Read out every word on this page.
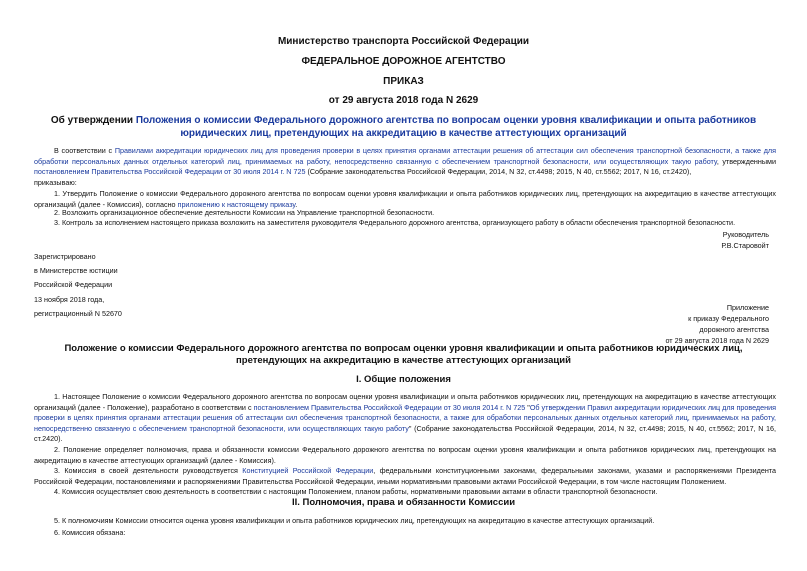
Министерство транспорта Российской Федерации
ФЕДЕРАЛЬНОЕ ДОРОЖНОЕ АГЕНТСТВО
ПРИКАЗ
от 29 августа 2018 года N 2629
Об утверждении Положения о комиссии Федерального дорожного агентства по вопросам оценки уровня квалификации и опыта работников юридических лиц, претендующих на аккредитацию в качестве аттестующих организаций
В соответствии с Правилами аккредитации юридических лиц для проведения проверки в целях принятия органами аттестации решения об аттестации сил обеспечения транспортной безопасности, а также для обработки персональных данных отдельных категорий лиц, принимаемых на работу, непосредственно связанную с обеспечением транспортной безопасности, или осуществляющих такую работу, утвержденными постановлением Правительства Российской Федерации от 30 июля 2014 г. N 725 (Собрание законодательства Российской Федерации, 2014, N 32, ст.4498; 2015, N 40, ст.5562; 2017, N 16, ст.2420),
приказываю:
1. Утвердить Положение о комиссии Федерального дорожного агентства по вопросам оценки уровня квалификации и опыта работников юридических лиц, претендующих на аккредитацию в качестве аттестующих организаций (далее - Комиссия), согласно приложению к настоящему приказу.
2. Возложить организационное обеспечение деятельности Комиссии на Управление транспортной безопасности.
3. Контроль за исполнением настоящего приказа возложить на заместителя руководителя Федерального дорожного агентства, организующего работу в области обеспечения транспортной безопасности.
Руководитель
Р.В.Старовойт
Зарегистрировано
в Министерстве юстиции
Российской Федерации
13 ноября 2018 года,
регистрационный N 52670
Приложение
к приказу Федерального
дорожного агентства
от 29 августа 2018 года N 2629
Положение о комиссии Федерального дорожного агентства по вопросам оценки уровня квалификации и опыта работников юридических лиц, претендующих на аккредитацию в качестве аттестующих организаций
I. Общие положения
1. Настоящее Положение о комиссии Федерального дорожного агентства по вопросам оценки уровня квалификации и опыта работников юридических лиц, претендующих на аккредитацию в качестве аттестующих организаций (далее - Положение), разработано в соответствии с постановлением Правительства Российской Федерации от 30 июля 2014 г. N 725 "Об утверждении Правил аккредитации юридических лиц для проведения проверки в целях принятия органами аттестации решения об аттестации сил обеспечения транспортной безопасности, а также для обработки персональных данных отдельных категорий лиц, принимаемых на работу, непосредственно связанную с обеспечением транспортной безопасности, или осуществляющих такую работу" (Собрание законодательства Российской Федерации, 2014, N 32, ст.4498; 2015, N 40, ст.5562; 2017, N 16, ст.2420).
2. Положение определяет полномочия, права и обязанности комиссии Федерального дорожного агентства по вопросам оценки уровня квалификации и опыта работников юридических лиц, претендующих на аккредитацию в качестве аттестующих организаций (далее - Комиссия).
3. Комиссия в своей деятельности руководствуется Конституцией Российской Федерации, федеральными конституционными законами, федеральными законами, указами и распоряжениями Президента Российской Федерации, постановлениями и распоряжениями Правительства Российской Федерации, иными нормативными правовыми актами Российской Федерации, в том числе настоящим Положением.
4. Комиссия осуществляет свою деятельность в соответствии с настоящим Положением, планом работы, нормативными правовыми актами в области транспортной безопасности.
II. Полномочия, права и обязанности Комиссии
5. К полномочиям Комиссии относится оценка уровня квалификации и опыта работников юридических лиц, претендующих на аккредитацию в качестве аттестующих организаций.
6. Комиссия обязана:
